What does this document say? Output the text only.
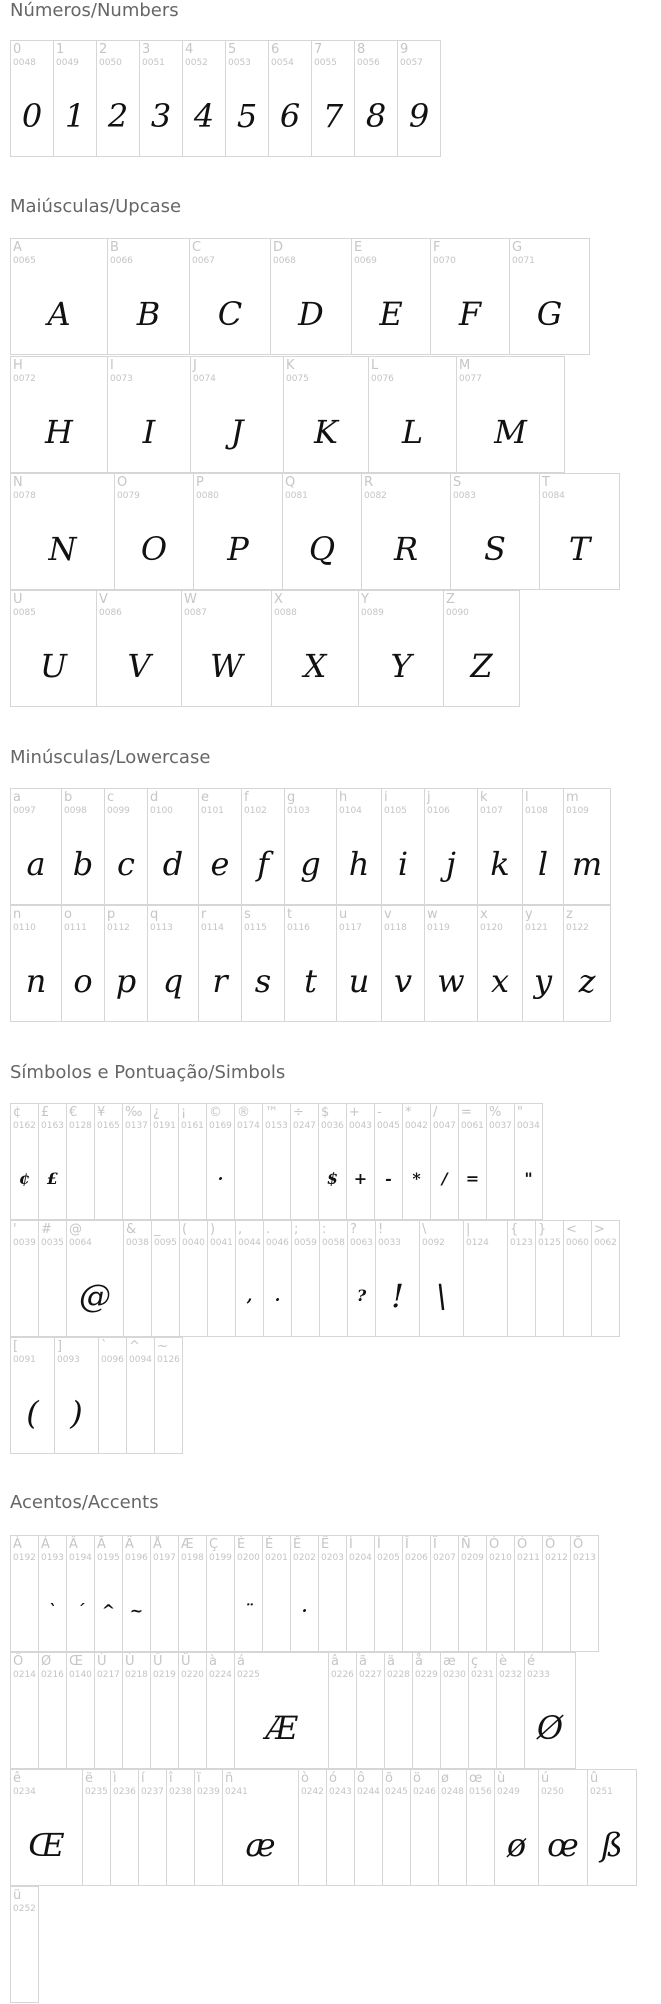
Números/Numbers
0
0048
0
1
0049
1
2
0050
2
3
0051
3
4
0052
4
5
0053
5
6
0054
6
7
0055
7
8
0056
8
9
0057
9
Maiúsculas/Upcase
A
0065
A
B
0066
B
C
0067
C
D
0068
D
E
0069
E
F
0070
F
G
0071
G
H
0072
H
I
0073
I
J
0074
J
K
0075
K
L
0076
L
M
0077
M
N
0078
N
O
0079
O
P
0080
P
Q
0081
Q
R
0082
R
S
0083
S
T
0084
T
U
0085
U
V
0086
V
W
0087
W
X
0088
X
Y
0089
Y
Z
0090
Z
Minúsculas/Lowercase
a
0097
a
b
0098
b
c
0099
c
d
0100
d
e
0101
e
f
0102
f
g
0103
g
h
0104
h
i
0105
i
j
0106
j
k
0107
k
l
0108
l
m
0109
m
n
0110
n
o
0111
o
p
0112
p
q
0113
q
r
0114
r
s
0115
s
t
0116
t
u
0117
u
v
0118
v
w
0119
w
x
0120
x
y
0121
y
z
0122
z
Símbolos e Pontuação/Simbols
¢
0162
¢
£
0163
£
€
0128
¥
0165
‰
0137
¿
0191
¡
0161
©
0169
·
®
0174
™
0153
÷
0247
$
0036
$
+
0043
+
-
0045
-
*
0042
*
/
0047
/
=
0061
=
%
0037
"
0034
"
'
0039
#
0035
@
0064
@
&
0038
_
0095
(
0040
)
0041
,
0044
,
.
0046
.
;
0059
:
0058
?
0063
?
!
0033
!
\
0092
\
|
0124
{
0123
}
0125
<
0060
>
0062
[
0091
(
]
0093
)
`
0096
^
0094
~
0126
Acentos/Accents
À
0192
Á
0193
`
Â
0194
´
Ã
0195
^
Ä
0196
~
Å
0197
Æ
0198
Ç
0199
È
0200
¨
É
0201
Ê
0202
·
Ë
0203
Ì
0204
Í
0205
Î
0206
Ï
0207
Ñ
0209
Ò
0210
Ó
0211
Ô
0212
Õ
0213
Ö
0214
Ø
0216
Œ
0140
Ù
0217
Ú
0218
Û
0219
Ü
0220
à
0224
á
0225
Æ
â
0226
ã
0227
ä
0228
å
0229
æ
0230
ç
0231
è
0232
é
0233
Ø
ê
0234
Œ
ë
0235
ì
0236
í
0237
î
0238
ï
0239
ñ
0241
æ
ò
0242
ó
0243
ô
0244
õ
0245
ö
0246
ø
0248
œ
0156
ù
0249
ø
ú
0250
œ
û
0251
ß
ü
0252
